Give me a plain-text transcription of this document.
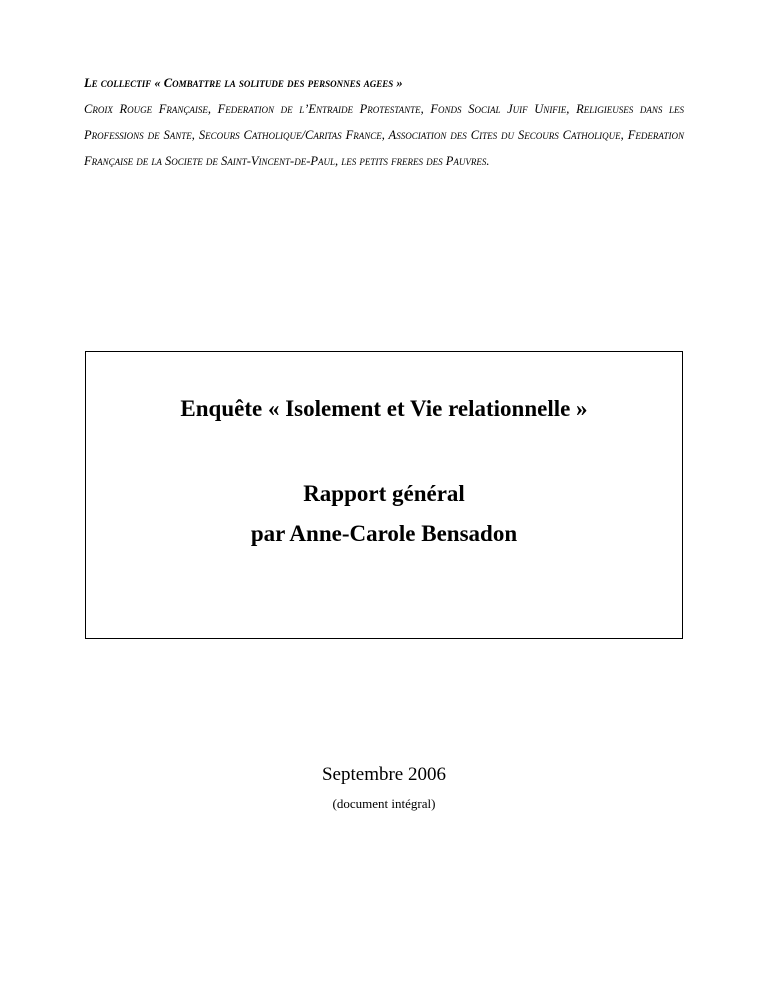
Le collectif « Combattre la solitude des personnes agees »
Croix Rouge Française, Federation de l’Entraide Protestante, Fonds Social Juif Unifie, Religieuses dans les Professions de Sante, Secours Catholique/Caritas France, Association des Cites du Secours Catholique, Federation Française de la Societe de Saint-Vincent-de-Paul, les petits freres des Pauvres.
Enquête « Isolement et Vie relationnelle »
Rapport général
par Anne-Carole Bensadon
Septembre 2006
(document intégral)
